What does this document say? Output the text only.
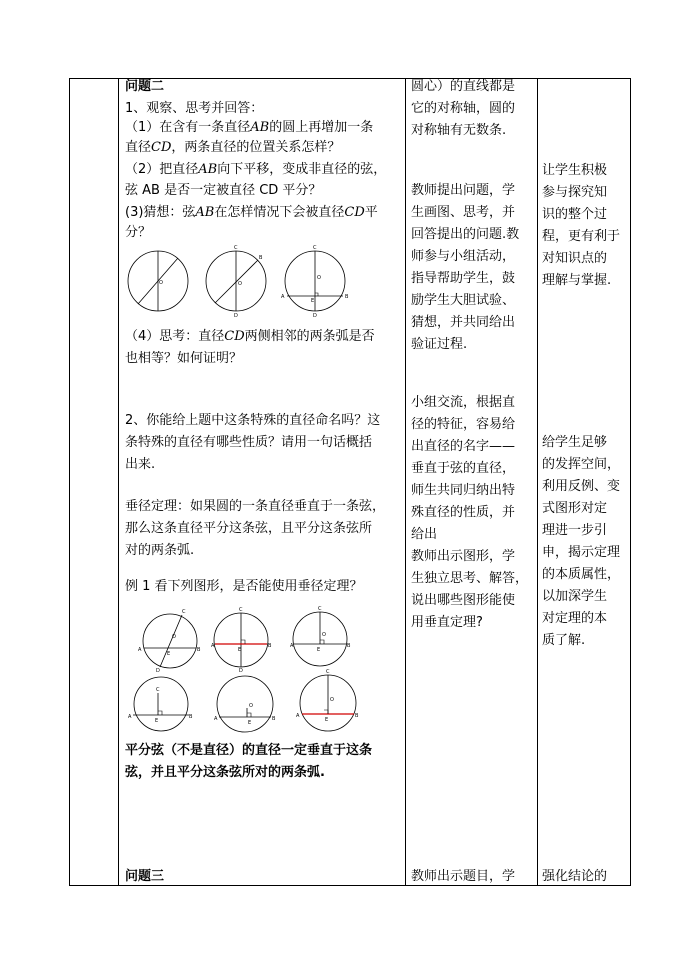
问题二
1、观察、思考并回答：
（1）在含有一条直径AB的圆上再增加一条
直径CD，两条直径的位置关系怎样？
（2）把直径AB向下平移，变成非直径的弦，
弦 AB 是否一定被直径 CD 平分？
(3)猜想：弦AB在怎样情况下会被直径CD平
分？
O
C
B
O
D
C
O
A
E
B
D
（4）思考：直径CD两侧相邻的两条弧是否
也相等？如何证明？
2、你能给上题中这条特殊的直径命名吗？这
条特殊的直径有哪些性质？请用一句话概括
出来.
垂径定理：如果圆的一条直径垂直于一条弦，
那么这条直径平分这条弦，且平分这条弦所
对的两条弧.
例 1 看下列图形，是否能使用垂径定理？
C
O
A
E
B
D
C
A
E
B
D
C
O
A
E
B
C
A
E
B
O
A
E
B
C
O
A
E
B
平分弦（不是直径）的直径一定垂直于这条
弦，并且平分这条弦所对的两条弧.
问题三
圆心）的直线都是
它的对称轴，圆的
对称轴有无数条.
教师提出问题，学
生画图、思考，并
回答提出的问题.教
师参与小组活动，
指导帮助学生，鼓
励学生大胆试验、
猜想，并共同给出
验证过程.
小组交流，根据直
径的特征，容易给
出直径的名字——
垂直于弦的直径，
师生共同归纳出特
殊直径的性质，并
给出
教师出示图形，学
生独立思考、解答，
说出哪些图形能使
用垂直定理?
教师出示题目，学
让学生积极
参与探究知
识的整个过
程，更有利于
对知识点的
理解与掌握.
给学生足够
的发挥空间，
利用反例、变
式图形对定
理进一步引
申，揭示定理
的本质属性，
以加深学生
对定理的本
质了解.
强化结论的
